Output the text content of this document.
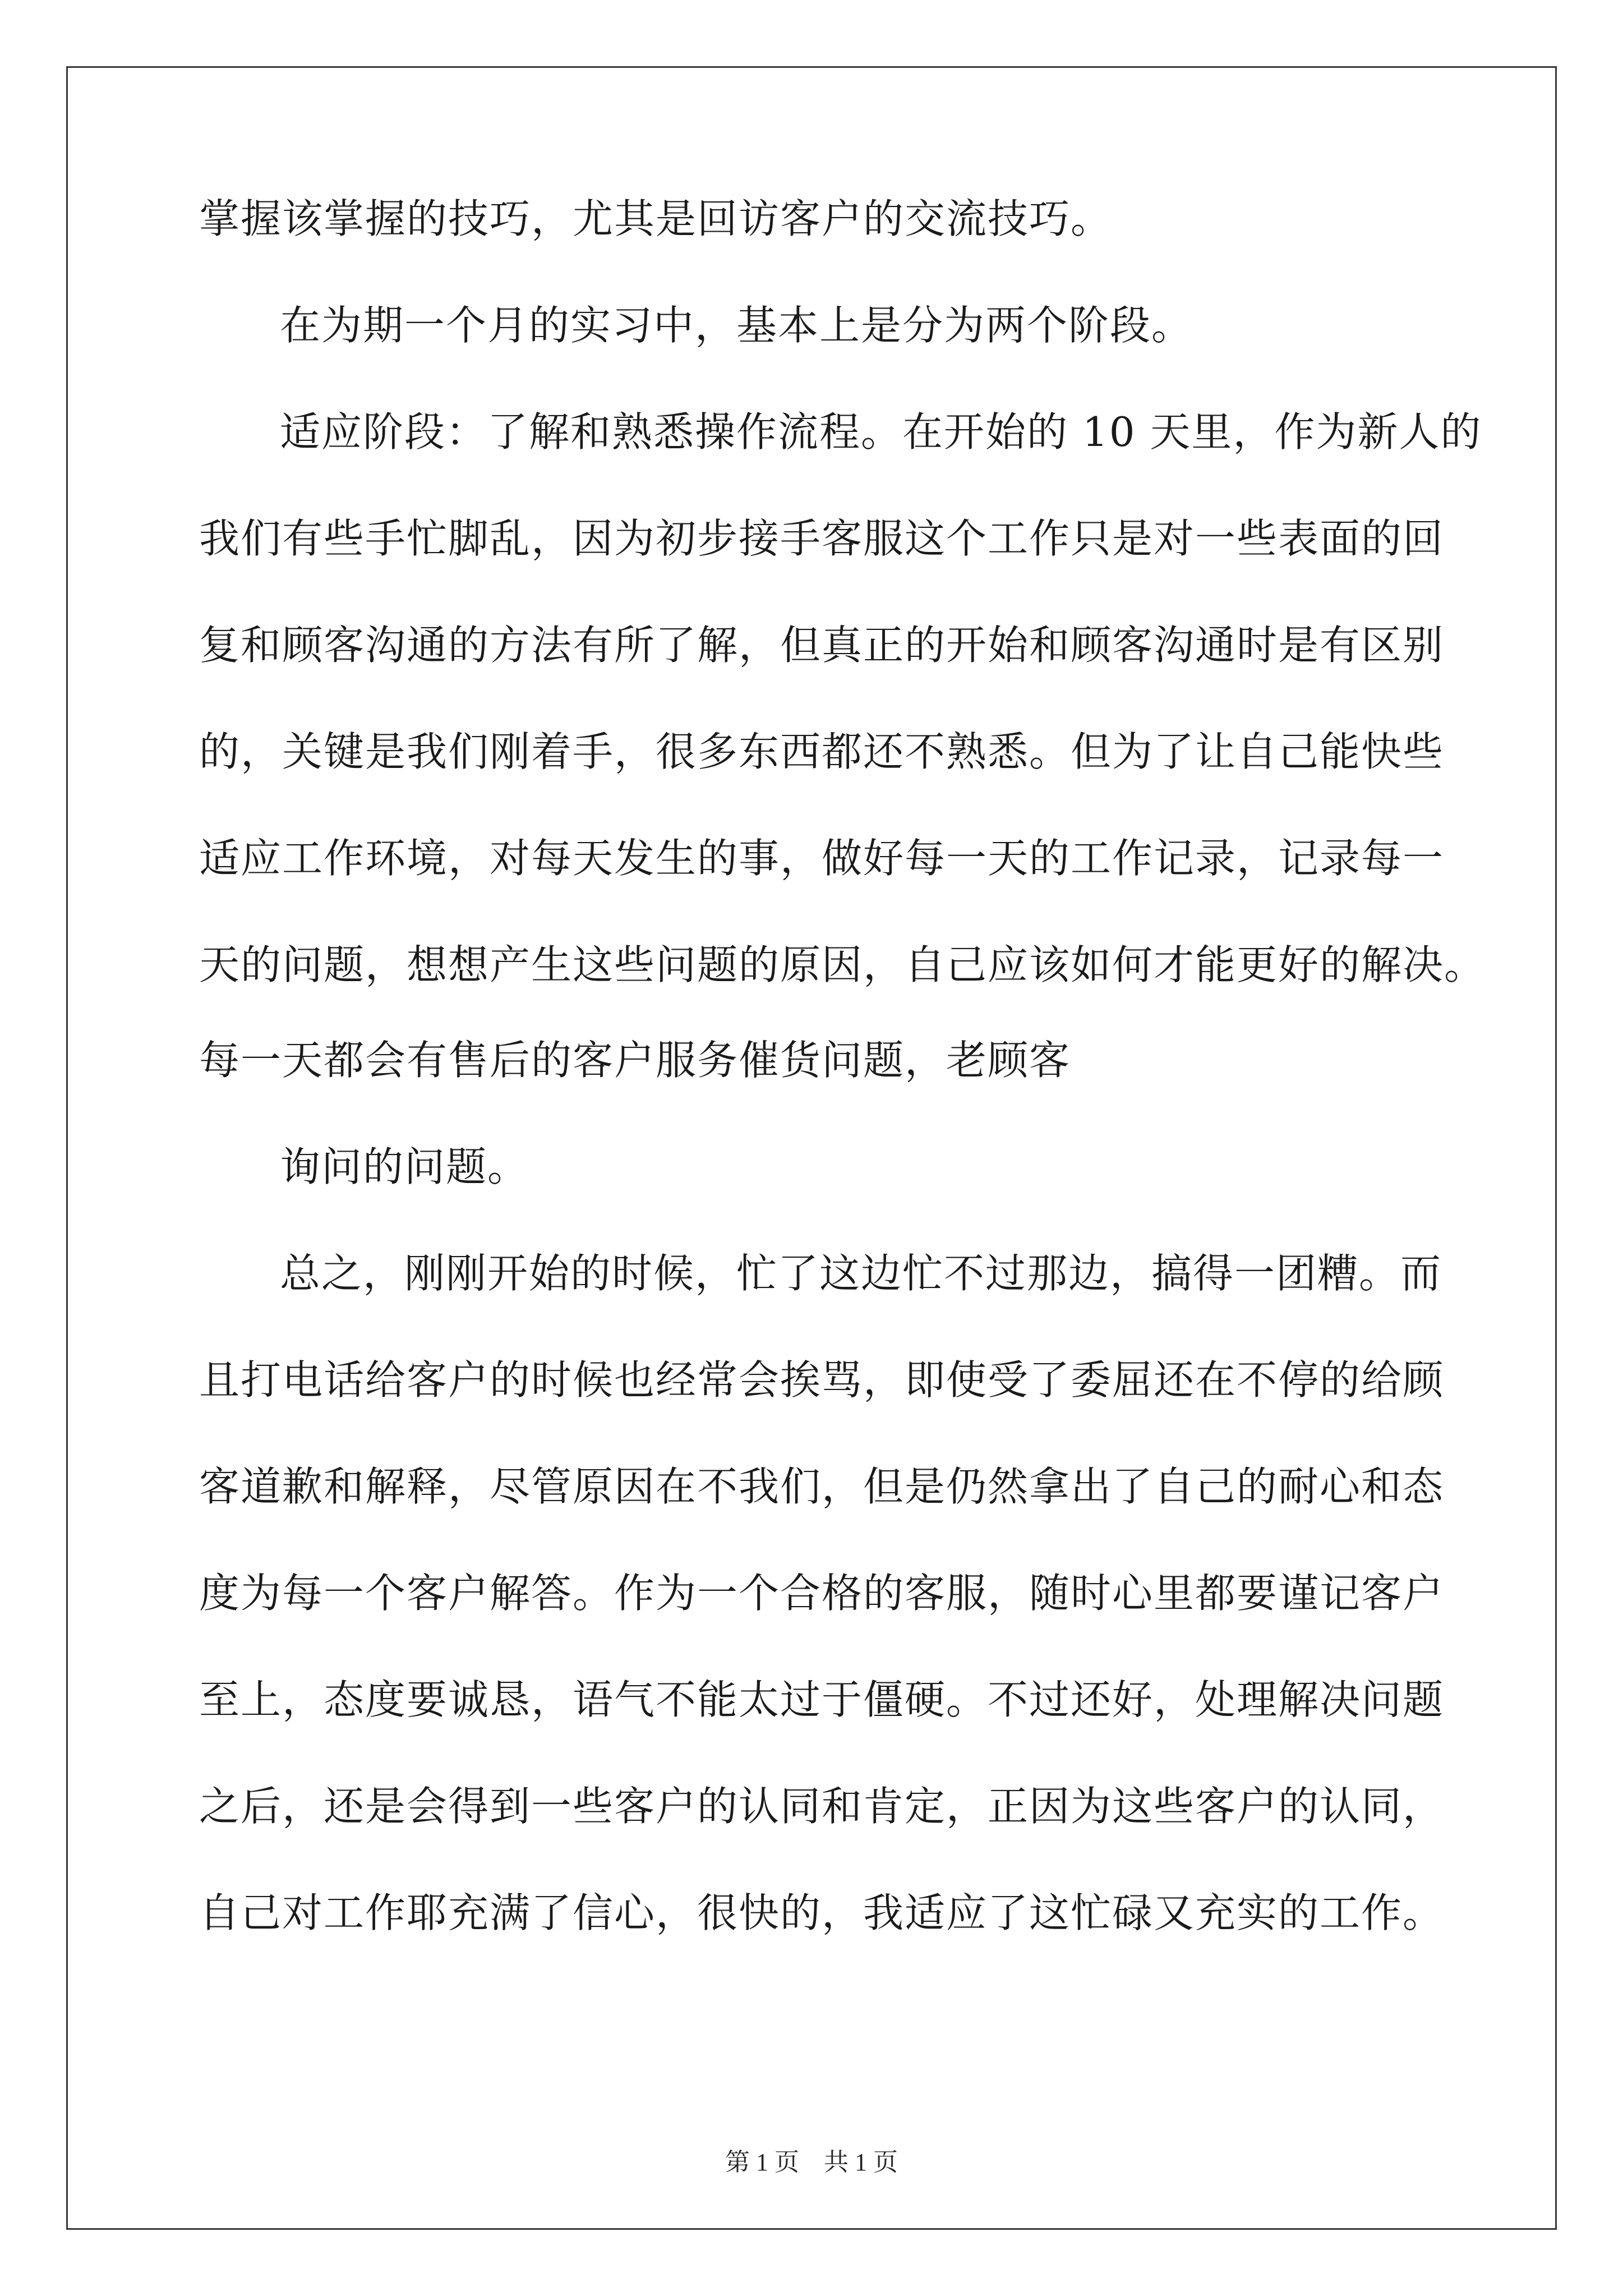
掌握该掌握的技巧，尤其是回访客户的交流技巧。
在为期一个月的实习中，基本上是分为两个阶段。
适应阶段：了解和熟悉操作流程。在开始的 10 天里，作为新人的
我们有些手忙脚乱，因为初步接手客服这个工作只是对一些表面的回
复和顾客沟通的方法有所了解，但真正的开始和顾客沟通时是有区别
的，关键是我们刚着手，很多东西都还不熟悉。但为了让自己能快些
适应工作环境，对每天发生的事，做好每一天的工作记录，记录每一
天的问题，想想产生这些问题的原因，自己应该如何才能更好的解决。
每一天都会有售后的客户服务催货问题，老顾客
询问的问题。
总之，刚刚开始的时候，忙了这边忙不过那边，搞得一团糟。而
且打电话给客户的时候也经常会挨骂，即使受了委屈还在不停的给顾
客道歉和解释，尽管原因在不我们，但是仍然拿出了自己的耐心和态
度为每一个客户解答。作为一个合格的客服，随时心里都要谨记客户
至上，态度要诚恳，语气不能太过于僵硬。不过还好，处理解决问题
之后，还是会得到一些客户的认同和肯定，正因为这些客户的认同，
自己对工作耶充满了信心，很快的，我适应了这忙碌又充实的工作。
第 1 页    共 1 页
